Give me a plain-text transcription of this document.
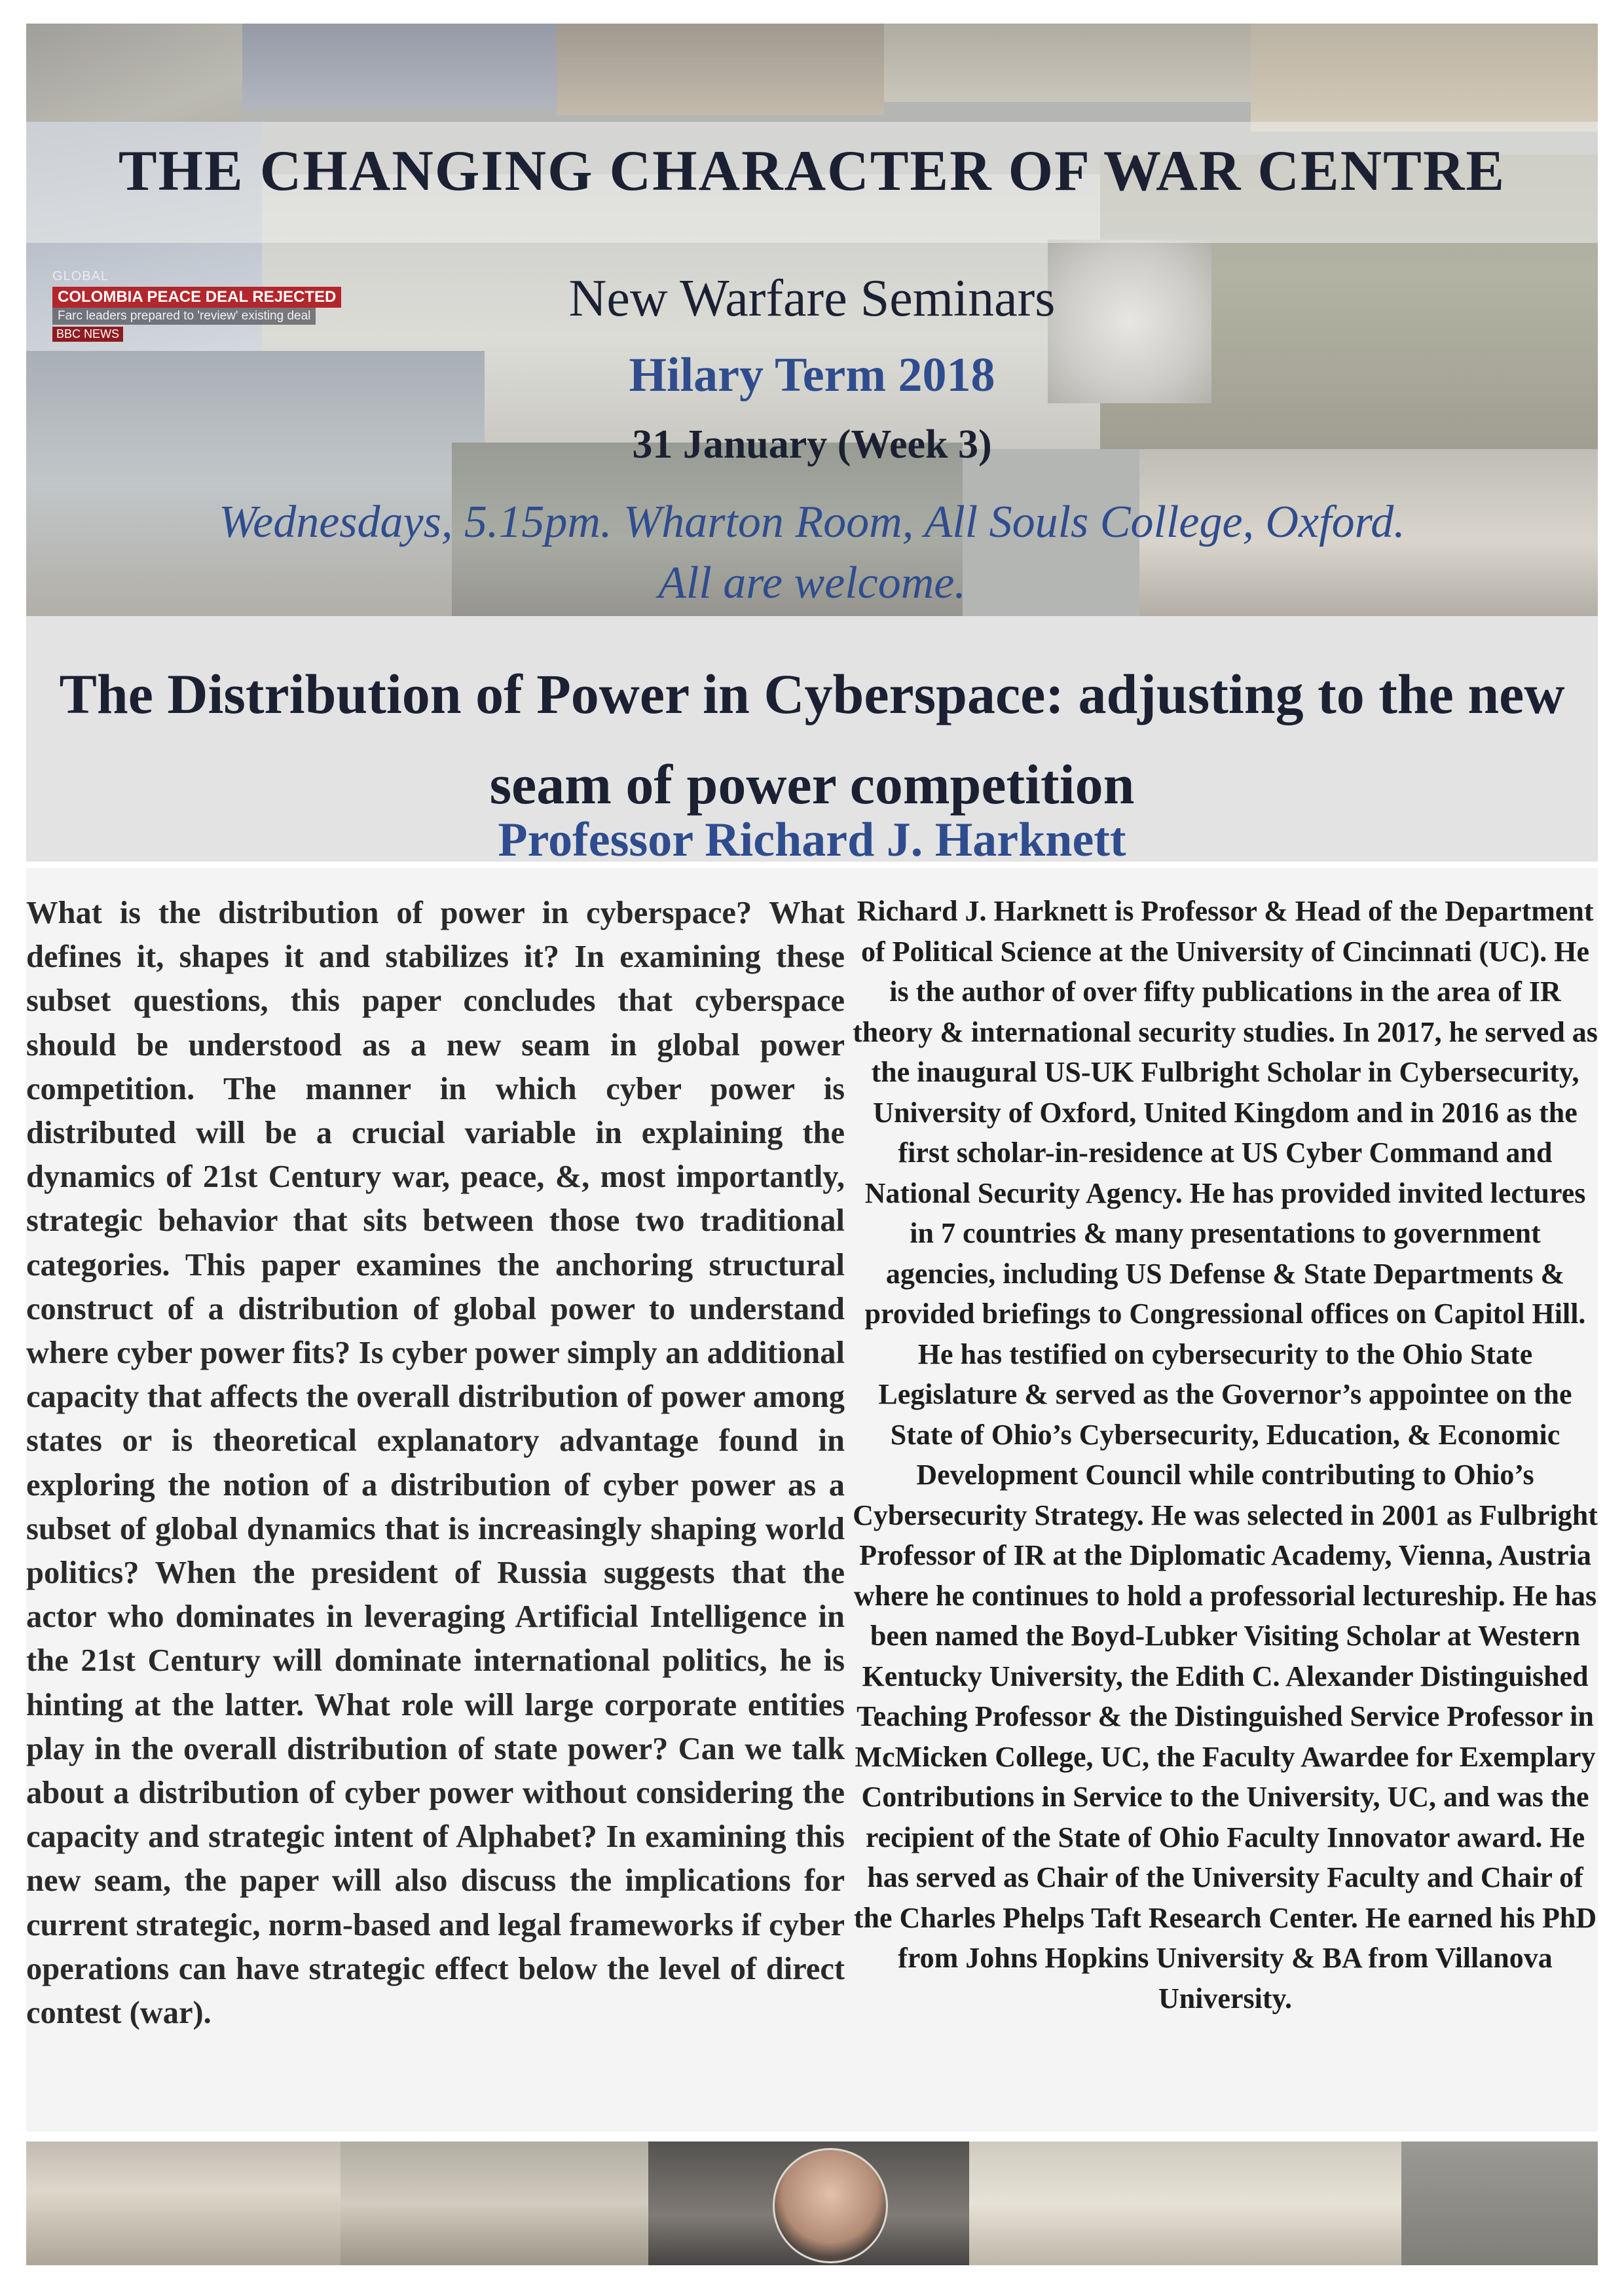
GLOBAL
COLOMBIA PEACE DEAL REJECTED
Farc leaders prepared to 'review' existing deal
BBC NEWS
THE CHANGING CHARACTER OF WAR CENTRE
New Warfare Seminars
Hilary Term 2018
31 January (Week 3)
Wednesdays, 5.15pm. Wharton Room, All Souls College, Oxford.
All are welcome.
The Distribution of Power in Cyberspace: adjusting to the new seam of power competition
Professor Richard J. Harknett
What is the distribution of power in cyberspace? What defines it, shapes it and stabilizes it? In examining these subset questions, this paper concludes that cyberspace should be understood as a new seam in global power competition. The manner in which cyber power is distributed will be a crucial variable in explaining the dynamics of 21st Century war, peace, &, most importantly, strategic behavior that sits between those two traditional categories. This paper examines the anchoring structural construct of a distribution of global power to understand where cyber power fits? Is cyber power simply an additional capacity that affects the overall distribution of power among states or is theoretical explanatory advantage found in exploring the notion of a distribution of cyber power as a subset of global dynamics that is increasingly shaping world politics? When the president of Russia suggests that the actor who dominates in leveraging Artificial Intelligence in the 21st Century will dominate international politics, he is hinting at the latter. What role will large corporate entities play in the overall distribution of state power? Can we talk about a distribution of cyber power without considering the capacity and strategic intent of Alphabet? In examining this new seam, the paper will also discuss the implications for current strategic, norm-based and legal frameworks if cyber operations can have strategic effect below the level of direct contest (war).
Richard J. Harknett is Professor & Head of the Department of Political Science at the University of Cincinnati (UC). He is the author of over fifty publications in the area of IR theory & international security studies. In 2017, he served as the inaugural US-UK Fulbright Scholar in Cybersecurity, University of Oxford, United Kingdom and in 2016 as the first scholar-in-residence at US Cyber Command and National Security Agency. He has provided invited lectures in 7 countries & many presentations to government agencies, including US Defense & State Departments & provided briefings to Congressional offices on Capitol Hill. He has testified on cybersecurity to the Ohio State Legislature & served as the Governor’s appointee on the State of Ohio’s Cybersecurity, Education, & Economic Development Council while contributing to Ohio’s Cybersecurity Strategy. He was selected in 2001 as Fulbright Professor of IR at the Diplomatic Academy, Vienna, Austria where he continues to hold a professorial lectureship. He has been named the Boyd-Lubker Visiting Scholar at Western Kentucky University, the Edith C. Alexander Distinguished Teaching Professor & the Distinguished Service Professor in McMicken College, UC, the Faculty Awardee for Exemplary Contributions in Service to the University, UC, and was the recipient of the State of Ohio Faculty Innovator award. He has served as Chair of the University Faculty and Chair of the Charles Phelps Taft Research Center. He earned his PhD from Johns Hopkins University & BA from Villanova University.
